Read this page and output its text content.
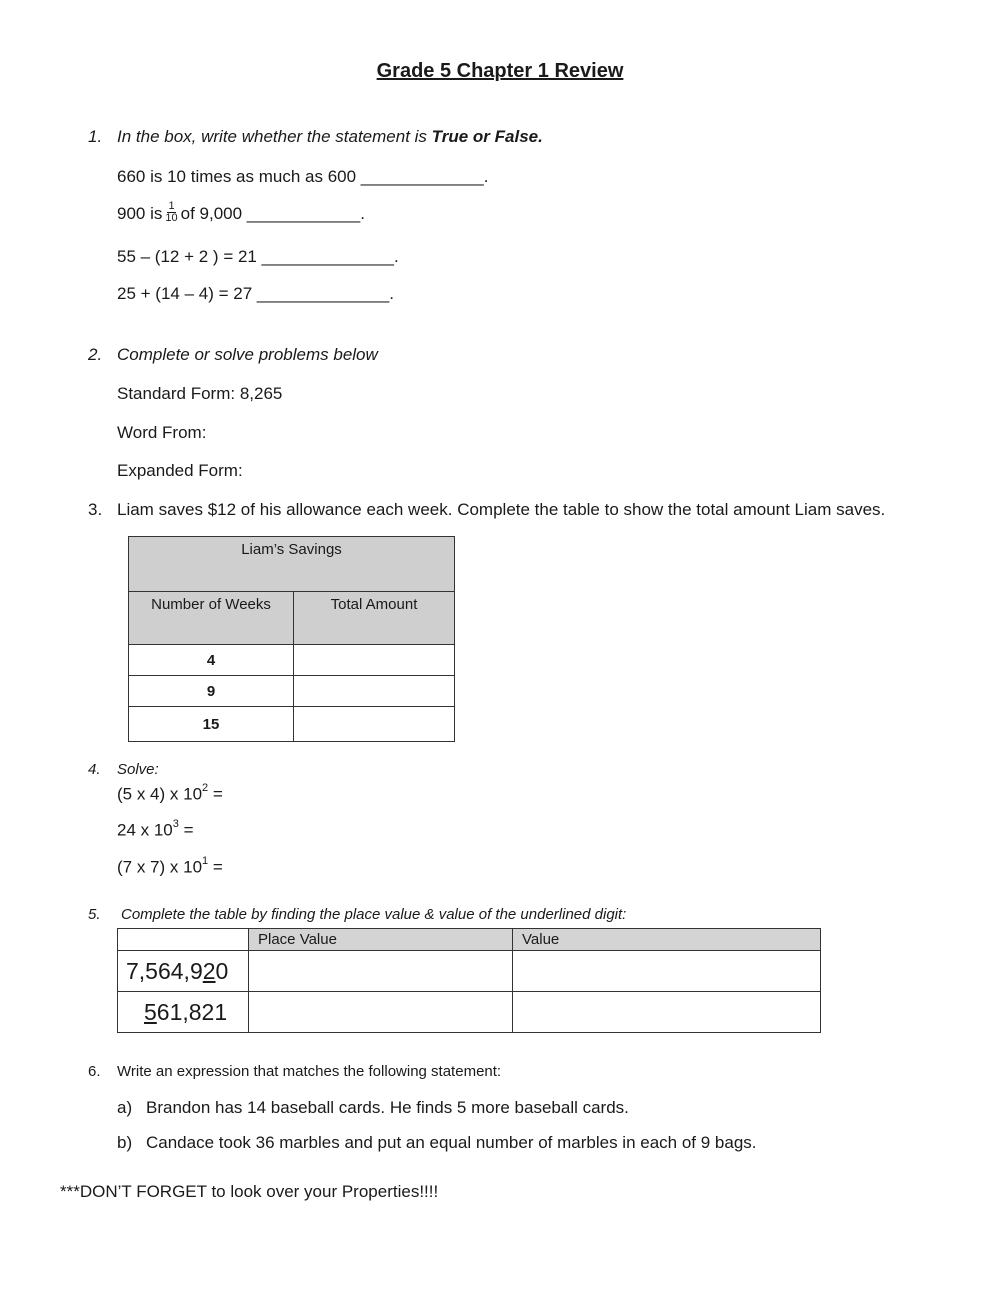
Grade 5 Chapter 1 Review
1. In the box, write whether the statement is True or False.
660 is 10 times as much as 600 _____________.
900 is $\frac{1}{10}$ of 9,000 ____________.
55 – (12 + 2 ) = 21 ______________.
25 + (14 – 4) = 27 ______________.
2. Complete or solve problems below
Standard Form: 8,265
Word From:
Expanded Form:
3. Liam saves $12 of his allowance each week. Complete the table to show the total amount Liam saves.
Liam’s Savings	
Number of Weeks	Total Amount
4	
9	
15	
4. Solve:
(5 x 4) x $10^2$ =
24 x $10^3$ =
(7 x 7) x $10^1$ =
5. Complete the table by finding the place value & value of the underlined digit:
	Place Value	Value
7,564,920		
561,821		
6. Write an expression that matches the following statement:
a) Brandon has 14 baseball cards. He finds 5 more baseball cards.
b) Candace took 36 marbles and put an equal number of marbles in each of 9 bags.
***DON’T FORGET to look over your Properties!!!!
